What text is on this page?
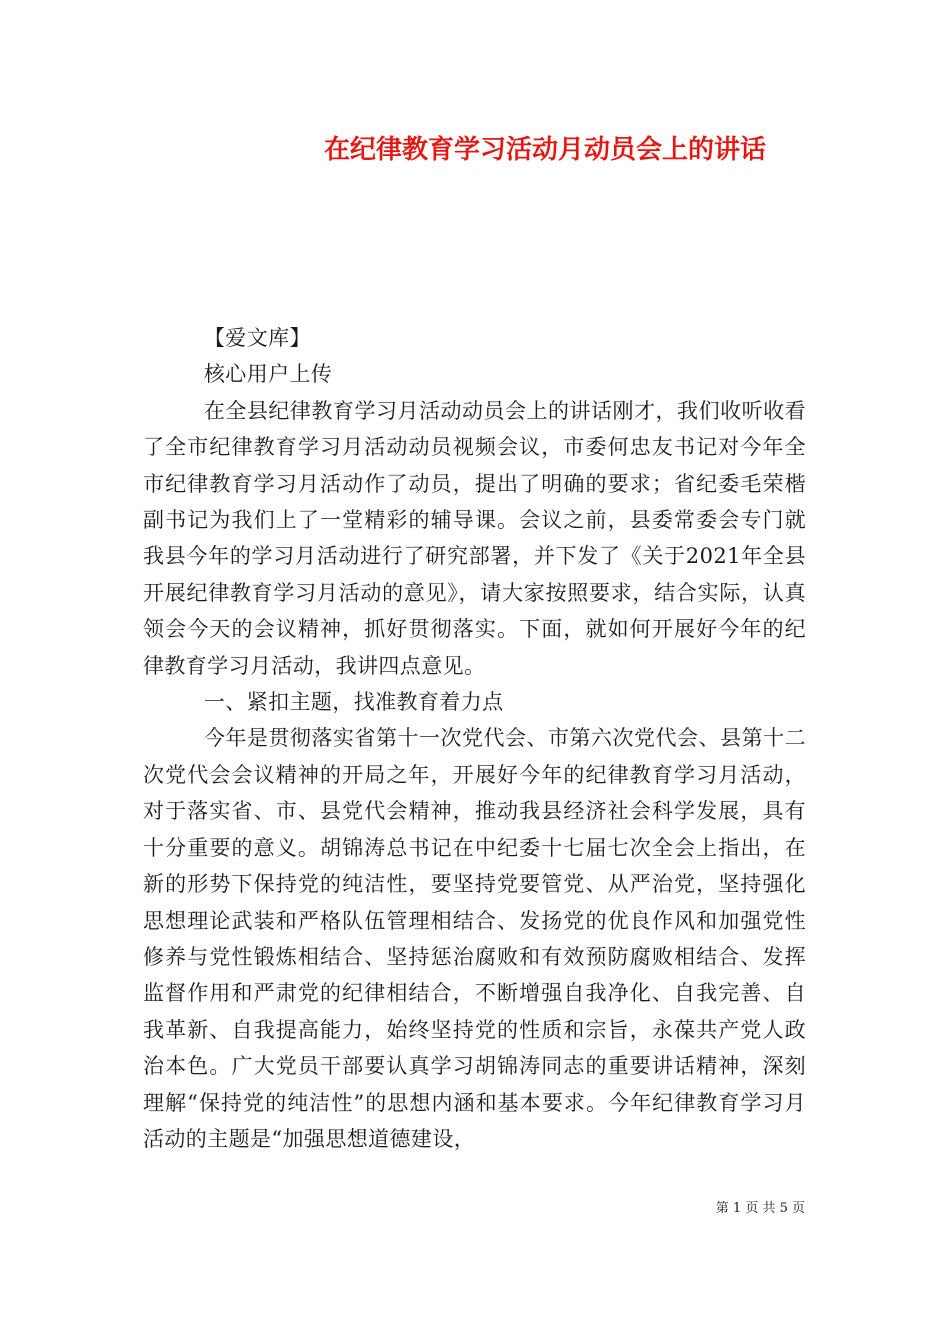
在纪律教育学习活动月动员会上的讲话

【爱文库】

核心用户上传

在全县纪律教育学习月活动动员会上的讲话刚才，我们收听收看了全市纪律教育学习月活动动员视频会议，市委何忠友书记对今年全市纪律教育学习月活动作了动员，提出了明确的要求；省纪委毛荣楷副书记为我们上了一堂精彩的辅导课。会议之前，县委常委会专门就我县今年的学习月活动进行了研究部署，并下发了《关于2021年全县开展纪律教育学习月活动的意见》，请大家按照要求，结合实际，认真领会今天的会议精神，抓好贯彻落实。下面，就如何开展好今年的纪律教育学习月活动，我讲四点意见。

一、紧扣主题，找准教育着力点

今年是贯彻落实省第十一次党代会、市第六次党代会、县第十二次党代会会议精神的开局之年，开展好今年的纪律教育学习月活动，对于落实省、市、县党代会精神，推动我县经济社会科学发展，具有十分重要的意义。胡锦涛总书记在中纪委十七届七次全会上指出，在新的形势下保持党的纯洁性，要坚持党要管党、从严治党，坚持强化思想理论武装和严格队伍管理相结合、发扬党的优良作风和加强党性修养与党性锻炼相结合、坚持惩治腐败和有效预防腐败相结合、发挥监督作用和严肃党的纪律相结合，不断增强自我净化、自我完善、自我革新、自我提高能力，始终坚持党的性质和宗旨，永葆共产党人政治本色。广大党员干部要认真学习胡锦涛同志的重要讲话精神，深刻理解“保持党的纯洁性”的思想内涵和基本要求。今年纪律教育学习月活动的主题是“加强思想道德建设，

第 1 页 共 5 页
